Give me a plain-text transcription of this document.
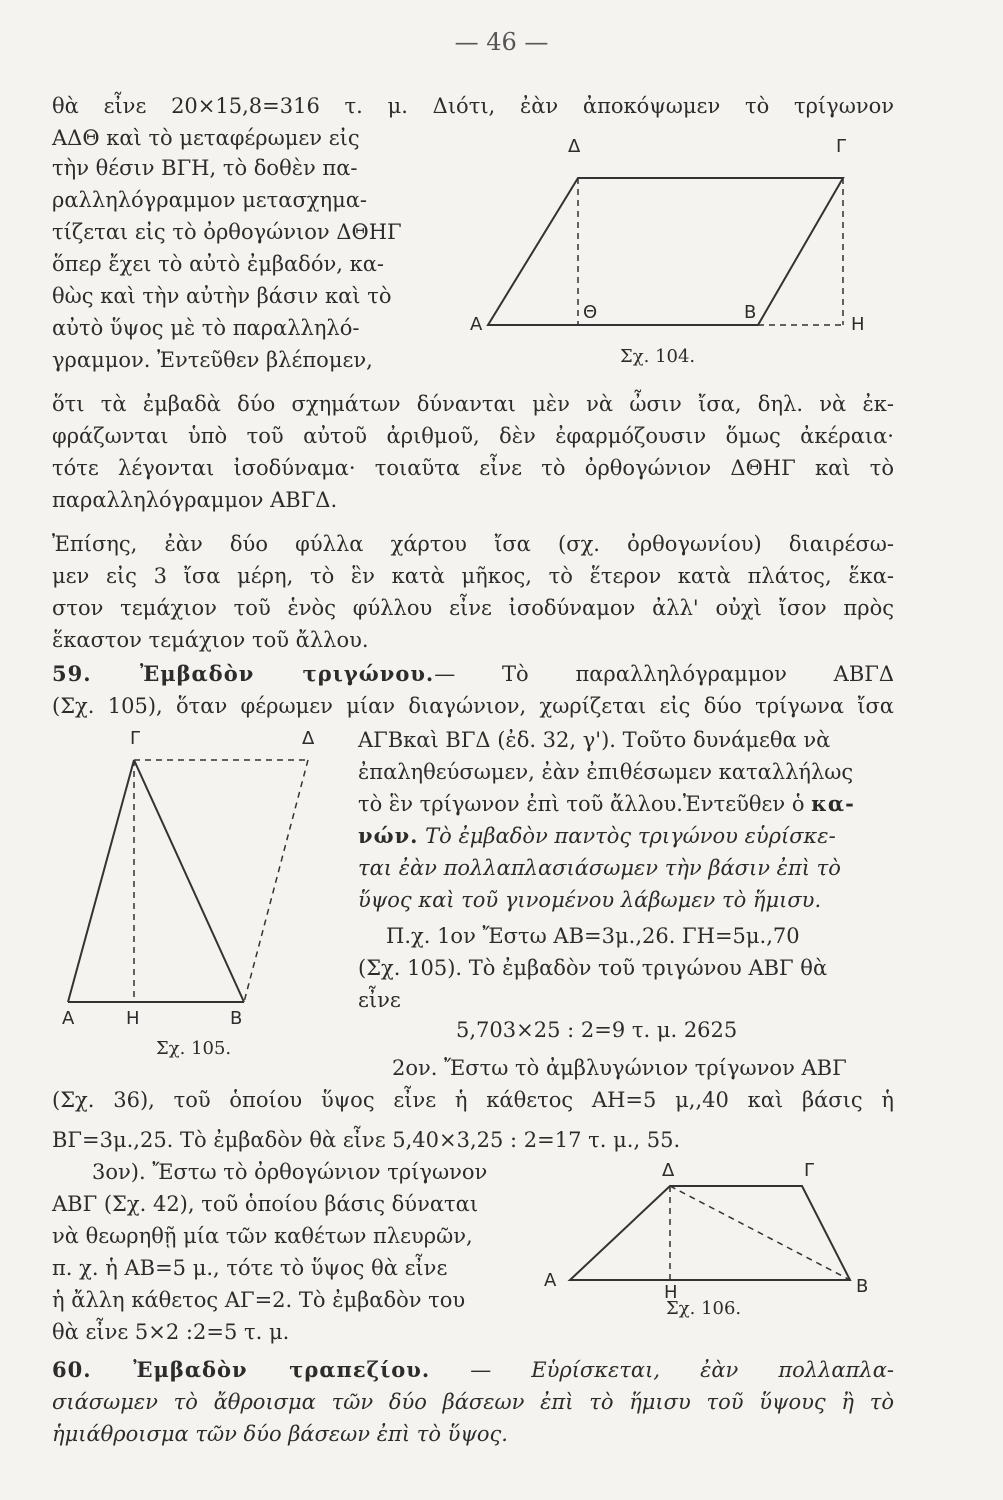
— 46 —
θὰ εἶνε 20×15,8=316 τ. μ. Διότι, ἐὰν ἀποκόψωμεν τὸ τρίγωνον
ΑΔΘ καὶ τὸ μεταφέρωμεν εἰς
τὴν θέσιν ΒΓΗ, τὸ δοθὲν πα-
ραλληλόγραμμον μετασχημα-
τίζεται εἰς τὸ ὀρθογώνιον ΔΘΗΓ
ὅπερ ἔχει τὸ αὐτὸ ἐμβαδόν, κα-
θὼς καὶ τὴν αὐτὴν βάσιν καὶ τὸ
αὐτὸ ὕψος μὲ τὸ παραλληλό-
γραμμον. Ἐντεῦθεν βλέπομεν,
ὅτι τὰ ἐμβαδὰ δύο σχημάτων δύνανται μὲν νὰ ὦσιν ἴσα, δηλ. νὰ ἐκ-
φράζωνται ὑπὸ τοῦ αὐτοῦ ἀριθμοῦ, δὲν ἐφαρμόζουσιν ὅμως ἀκέραια·
τότε λέγονται ἰσοδύναμα· τοιαῦτα εἶνε τὸ ὀρθογώνιον ΔΘΗΓ καὶ τὸ
παραλληλόγραμμον ΑΒΓΔ.
Δ	Γ
Α
Θ	Β
Η
Σχ. 104.
Ἐπίσης, ἐὰν δύο φύλλα χάρτου ἴσα (σχ. ὀρθογωνίου) διαιρέσω-
μεν εἰς 3 ἴσα μέρη, τὸ ἓν κατὰ μῆκος, τὸ ἕτερον κατὰ πλάτος, ἕκα-
στον τεμάχιον τοῦ ἑνὸς φύλλου εἶνε ἰσοδύναμον ἀλλ' οὐχὶ ἴσον πρὸς
ἕκαστον τεμάχιον τοῦ ἄλλου.
59. Ἐμβαδὸν τριγώνου.— Τὸ παραλληλόγραμμον ΑΒΓΔ
(Σχ. 105), ὅταν φέρωμεν μίαν διαγώνιον, χωρίζεται εἰς δύο τρίγωνα ἴσα
Γ	Δ
Α	Η	Β
Σχ. 105.
ΑΓΒκαὶ ΒΓΔ (ἐδ. 32, γ'). Τοῦτο δυνάμεθα νὰ
ἐπαληθεύσωμεν, ἐὰν ἐπιθέσωμεν καταλλήλως
τὸ ἓν τρίγωνον ἐπὶ τοῦ ἄλλου.Ἐντεῦθεν ὁ κα-
νών. Τὸ ἐμβαδὸν παντὸς τριγώνου εὑρίσκε-
ται ἐὰν πολλαπλασιάσωμεν τὴν βάσιν ἐπὶ τὸ
ὕψος καὶ τοῦ γινομένου λάβωμεν τὸ ἥμισυ.
Π.χ. 1ον Ἔστω ΑΒ=3μ.,26. ΓΗ=5μ.,70
(Σχ. 105). Τὸ ἐμβαδὸν τοῦ τριγώνου ΑΒΓ θὰ
εἶνε
5,703×25 : 2=9 τ. μ. 2625
2ον. Ἔστω τὸ ἀμβλυγώνιον τρίγωνον ΑΒΓ
(Σχ. 36), τοῦ ὁποίου ὕψος εἶνε ἡ κάθετος ΑΗ=5 μ,,40 καὶ βάσις ἡ
ΒΓ=3μ.,25. Τὸ ἐμβαδὸν θὰ εἶνε 5,40×3,25 : 2=17 τ. μ., 55.
3ον). Ἔστω τὸ ὀρθογώνιον τρίγωνον
ΑΒΓ (Σχ. 42), τοῦ ὁποίου βάσις δύναται
νὰ θεωρηθῇ μία τῶν καθέτων πλευρῶν,
π. χ. ἡ ΑΒ=5 μ., τότε τὸ ὕψος θὰ εἶνε
ἡ ἄλλη κάθετος ΑΓ=2. Τὸ ἐμβαδὸν του
θὰ εἶνε 5×2 :2=5 τ. μ.
Δ	Γ
Α
Η	Β
Σχ. 106.
60. Ἐμβαδὸν τραπεζίου. — Εὑρίσκεται, ἐὰν πολλαπλα-
σιάσωμεν τὸ ἄθροισμα τῶν δύο βάσεων ἐπὶ τὸ ἥμισυ τοῦ ὕψους ἢ τὸ
ἡμιάθροισμα τῶν δύο βάσεων ἐπὶ τὸ ὕψος.
